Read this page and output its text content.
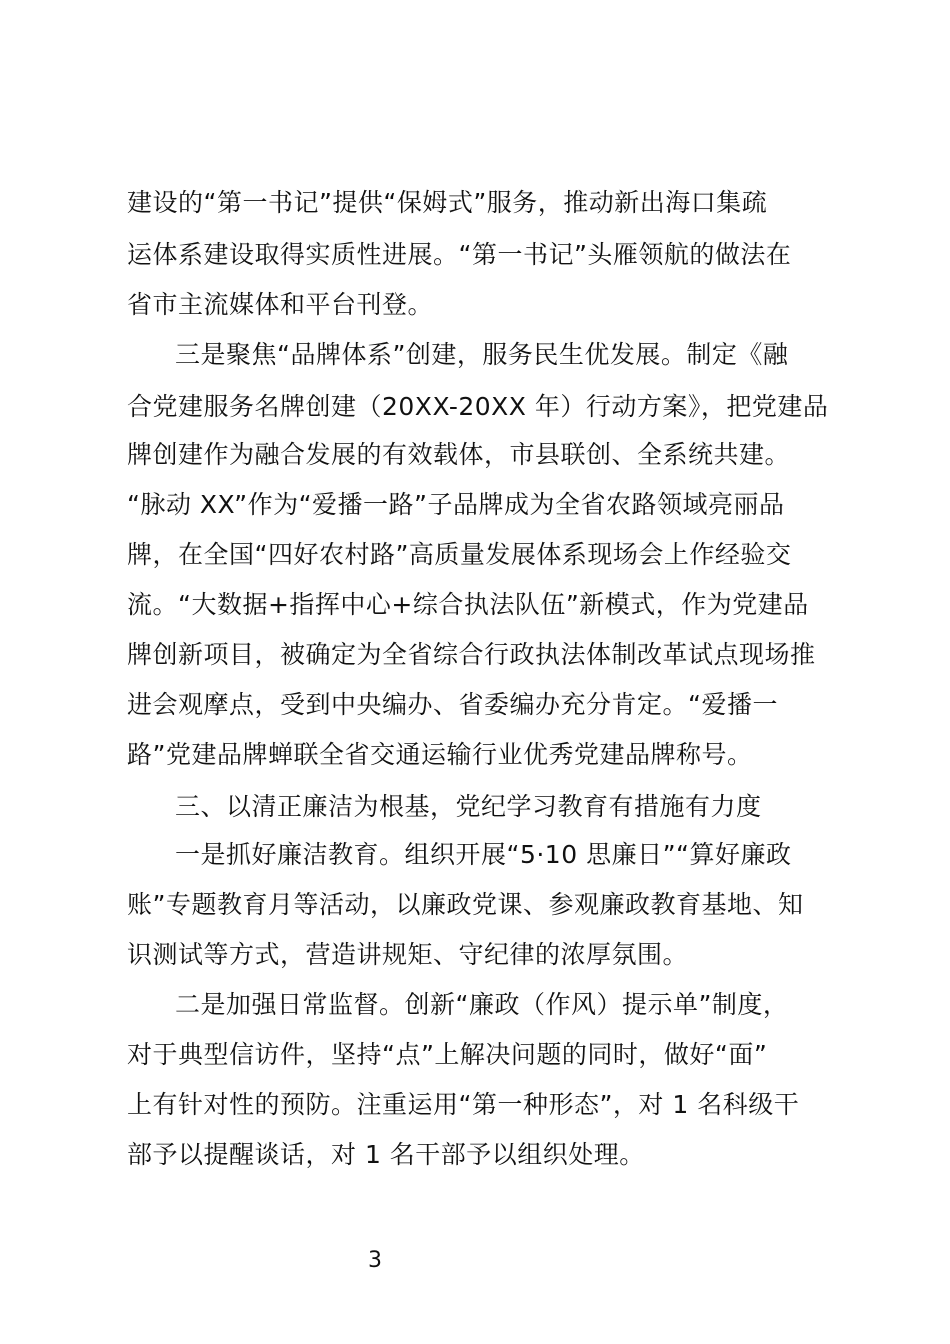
建设的“第一书记”提供“保姆式”服务，推动新出海口集疏
运体系建设取得实质性进展。“第一书记”头雁领航的做法在
省市主流媒体和平台刊登。
三是聚焦“品牌体系”创建，服务民生优发展。制定《融
合党建服务名牌创建（20XX-20XX 年）行动方案》，把党建品
牌创建作为融合发展的有效载体，市县联创、全系统共建。
“脉动 XX”作为“爱播一路”子品牌成为全省农路领域亮丽品
牌，在全国“四好农村路”高质量发展体系现场会上作经验交
流。“大数据+指挥中心+综合执法队伍”新模式，作为党建品
牌创新项目，被确定为全省综合行政执法体制改革试点现场推
进会观摩点，受到中央编办、省委编办充分肯定。“爱播一
路”党建品牌蝉联全省交通运输行业优秀党建品牌称号。
三、以清正廉洁为根基，党纪学习教育有措施有力度
一是抓好廉洁教育。组织开展“5·10 思廉日”“算好廉政
账”专题教育月等活动，以廉政党课、参观廉政教育基地、知
识测试等方式，营造讲规矩、守纪律的浓厚氛围。
二是加强日常监督。创新“廉政（作风）提示单”制度，
对于典型信访件，坚持“点”上解决问题的同时，做好“面”
上有针对性的预防。注重运用“第一种形态”，对 1 名科级干
部予以提醒谈话，对 1 名干部予以组织处理。
3
